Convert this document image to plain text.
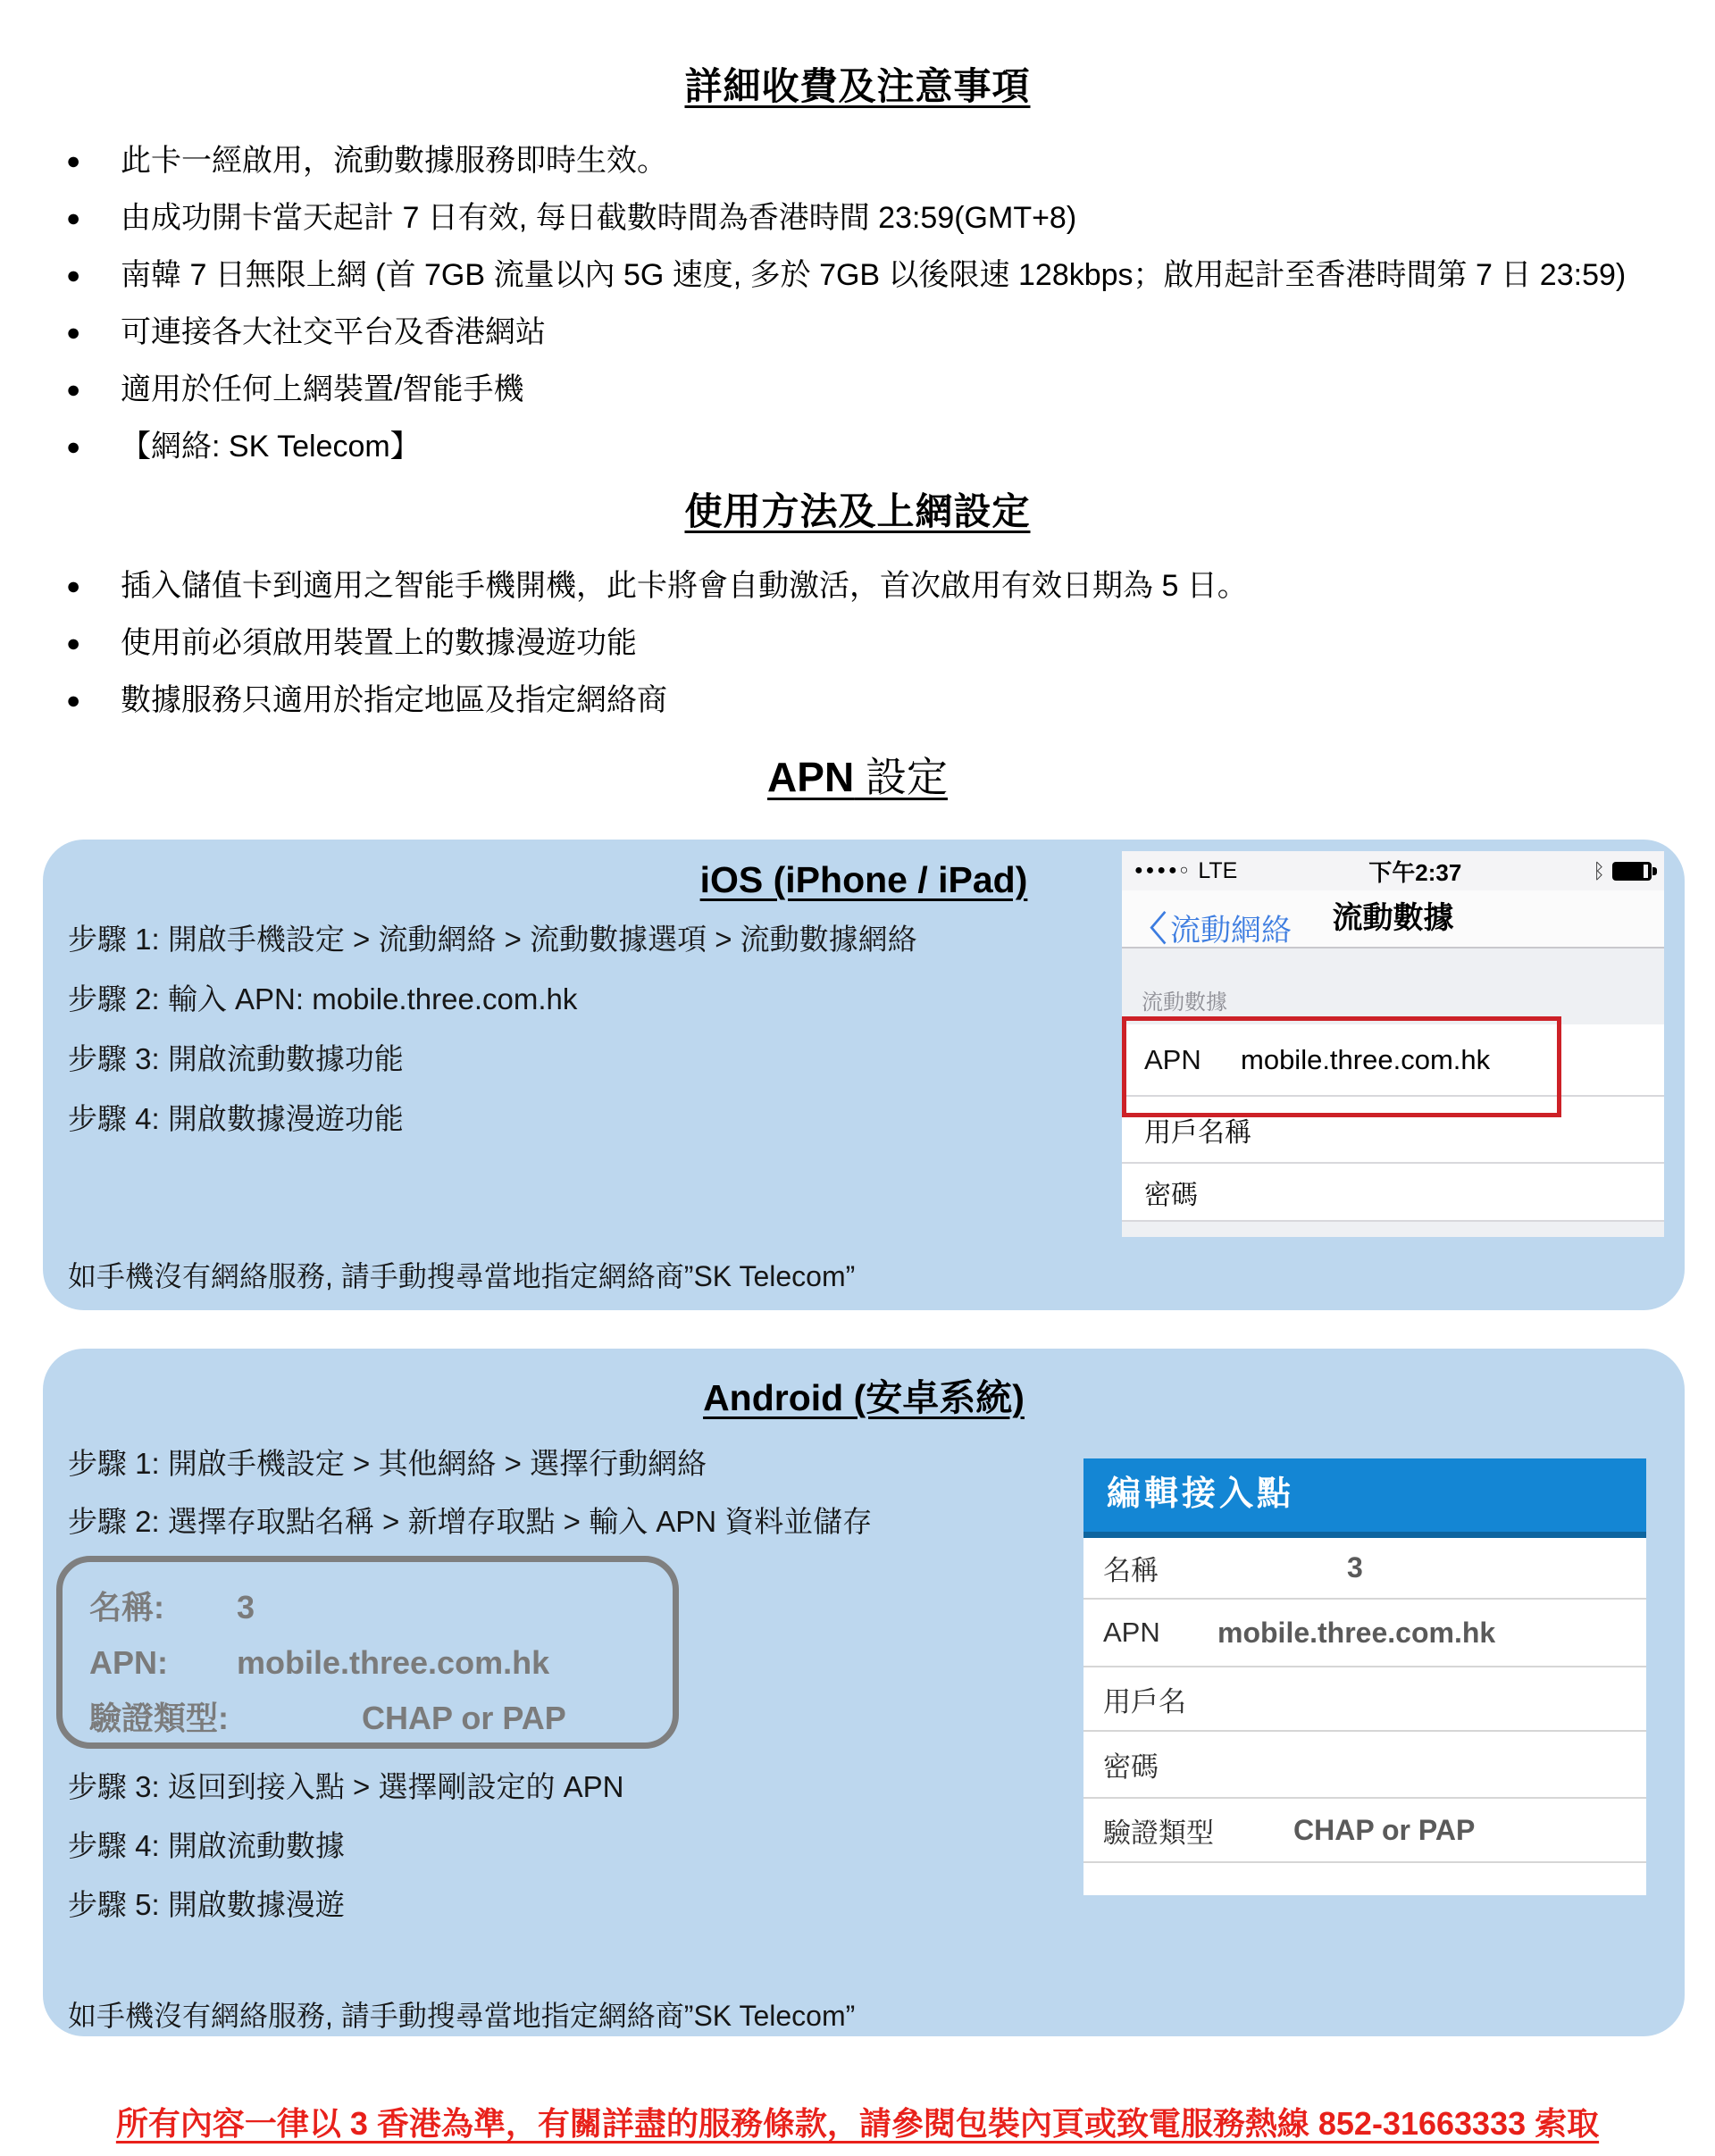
詳細收費及注意事項
● 此卡一經啟用，流動數據服務即時生效。
● 由成功開卡當天起計 7 日有效, 每日截數時間為香港時間 23:59(GMT+8)
● 南韓 7 日無限上網 (首 7GB 流量以內 5G 速度, 多於 7GB 以後限速 128kbps；啟用起計至香港時間第 7 日 23:59)
● 可連接各大社交平台及香港網站
● 適用於任何上網裝置/智能手機
● 【網絡: SK Telecom】
使用方法及上網設定
● 插入儲值卡到適用之智能手機開機，此卡將會自動激活，首次啟用有效日期為 5 日。
● 使用前必須啟用裝置上的數據漫遊功能
● 數據服務只適用於指定地區及指定網絡商
APN 設定
iOS (iPhone / iPad)
步驟 1: 開啟手機設定 > 流動網絡 > 流動數據選項 > 流動數據網絡
步驟 2: 輸入 APN: mobile.three.com.hk
步驟 3: 開啟流動數據功能
步驟 4: 開啟數據漫遊功能
如手機沒有網絡服務, 請手動搜尋當地指定網絡商”SK Telecom”
●●●●○ LTE	下午2:37	ᛒ
〈 流動網絡	流動數據
流動數據
APN	mobile.three.com.hk
用戶名稱
密碼
Android (安卓系統)
步驟 1: 開啟手機設定 > 其他網絡 > 選擇行動網絡
步驟 2: 選擇存取點名稱 > 新增存取點 > 輸入 APN 資料並儲存
名稱: 3
APN: mobile.three.com.hk
驗證類型:	CHAP or PAP
步驟 3: 返回到接入點 > 選擇剛設定的 APN
步驟 4: 開啟流動數據
步驟 5: 開啟數據漫遊
如手機沒有網絡服務, 請手動搜尋當地指定網絡商”SK Telecom”
編輯接入點
名稱	3
APN mobile.three.com.hk
用戶名
密碼
驗證類型	CHAP or PAP
所有內容一律以 3 香港為準，有關詳盡的服務條款，請參閱包裝內頁或致電服務熱線 852-31663333 索取
